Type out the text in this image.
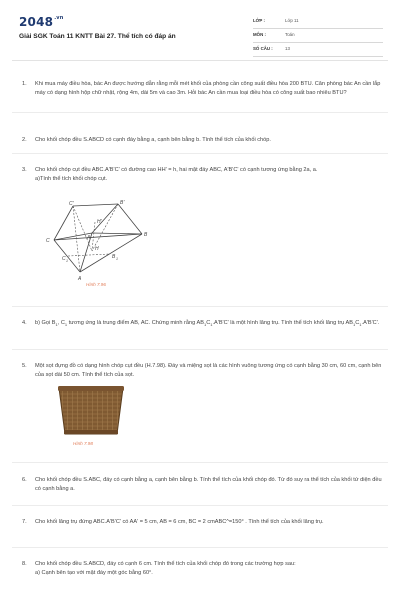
$2048^{.vn}$
Giải SGK Toán 11 KNTT Bài 27. Thể tích có đáp án
LỚP :	Lớp 11
MÔN :	Toán
SỐ CÂU :	13
1. Khi mua máy điều hòa, bác An được hướng dẫn rằng mỗi mét khối của phòng cần công suất điều hòa 200 BTU. Căn phòng bác An cần lắp máy có dạng hình hộp chữ nhật, rộng 4m, dài 5m và cao 3m. Hỏi bác An cần mua loại điều hòa có công suất bao nhiêu BTU?

2. Cho khối chóp đều S.ABCD có cạnh đáy bằng a, cạnh bên bằng b. Tính thể tích của khối chóp.

3. Cho khối chóp cụt đều ABC.A'B'C' có đường cao HH' = h, hai mặt đáy ABC, A'B'C' có cạnh tương ứng bằng 2a, a.

a)Tính thể tích khối chóp cụt.

C'	B'
C
B
A'
H
H'
C	B
A
1	1
Hình 7.96
4. b) Gọi $B_1$, $C_1$ tương ứng là trung điểm AB, AC. Chứng minh rằng $AB_1C_1.A'B'C'$ là một hình lăng trụ. Tính thể tích khối lăng trụ $AB_1C_1.A'B'C'$.

5. Một sọt đựng đồ có dạng hình chóp cụt đều (H.7.98). Đáy và miệng sọt là các hình vuông tương ứng có cạnh bằng 30 cm, 60 cm, cạnh bên của sọt dài 50 cm. Tính thể tích của sọt.

Hình 7.98
6. Cho khối chóp đều S.ABC, đáy có cạnh bằng a, cạnh bên bằng b. Tính thể tích của khối chóp đó. Từ đó suy ra thể tích của khối tứ diện đều có cạnh bằng a.

7. Cho khối lăng trụ đứng ABC.A'B'C' có AA' = 5 cm, AB = 6 cm, BC = 2 cmABC^=150° . Tính thể tích của khối lăng trụ.

8. Cho khối chóp đều S.ABCD, đáy có cạnh 6 cm. Tính thể tích của khối chóp đó trong các trường hợp sau:

a) Cạnh bên tạo với mặt đáy một góc bằng 60°.
